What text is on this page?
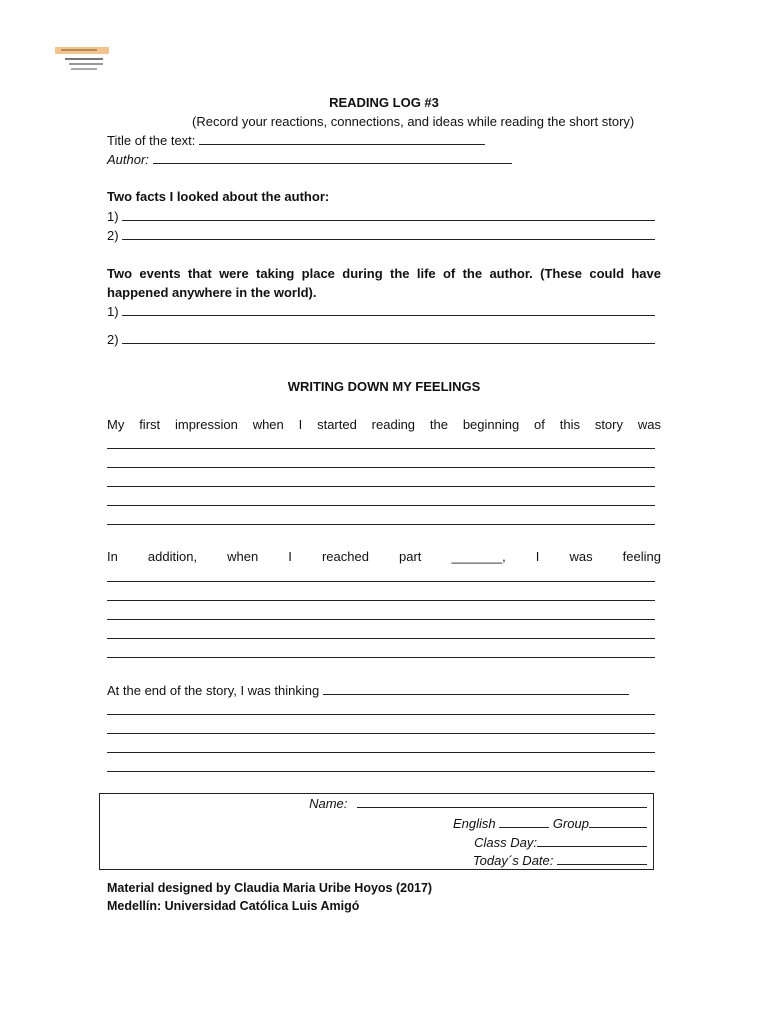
READING LOG #3
(Record your reactions, connections, and ideas while reading the short story)
Title of the text:
Author:
Two facts I looked about the author:
1)
2)
Two events that were taking place during the life of the author. (These could have
happened anywhere in the world).
1)
2)
WRITING DOWN MY FEELINGS
My first impression when I started reading the beginning of this story was
In addition, when I reached part _______, I was feeling
At the end of the story, I was thinking
Name:
English	Group
Class Day:
Today´s Date:
Material designed by Claudia Maria Uribe Hoyos (2017)
Medellín: Universidad Católica Luis Amigó
